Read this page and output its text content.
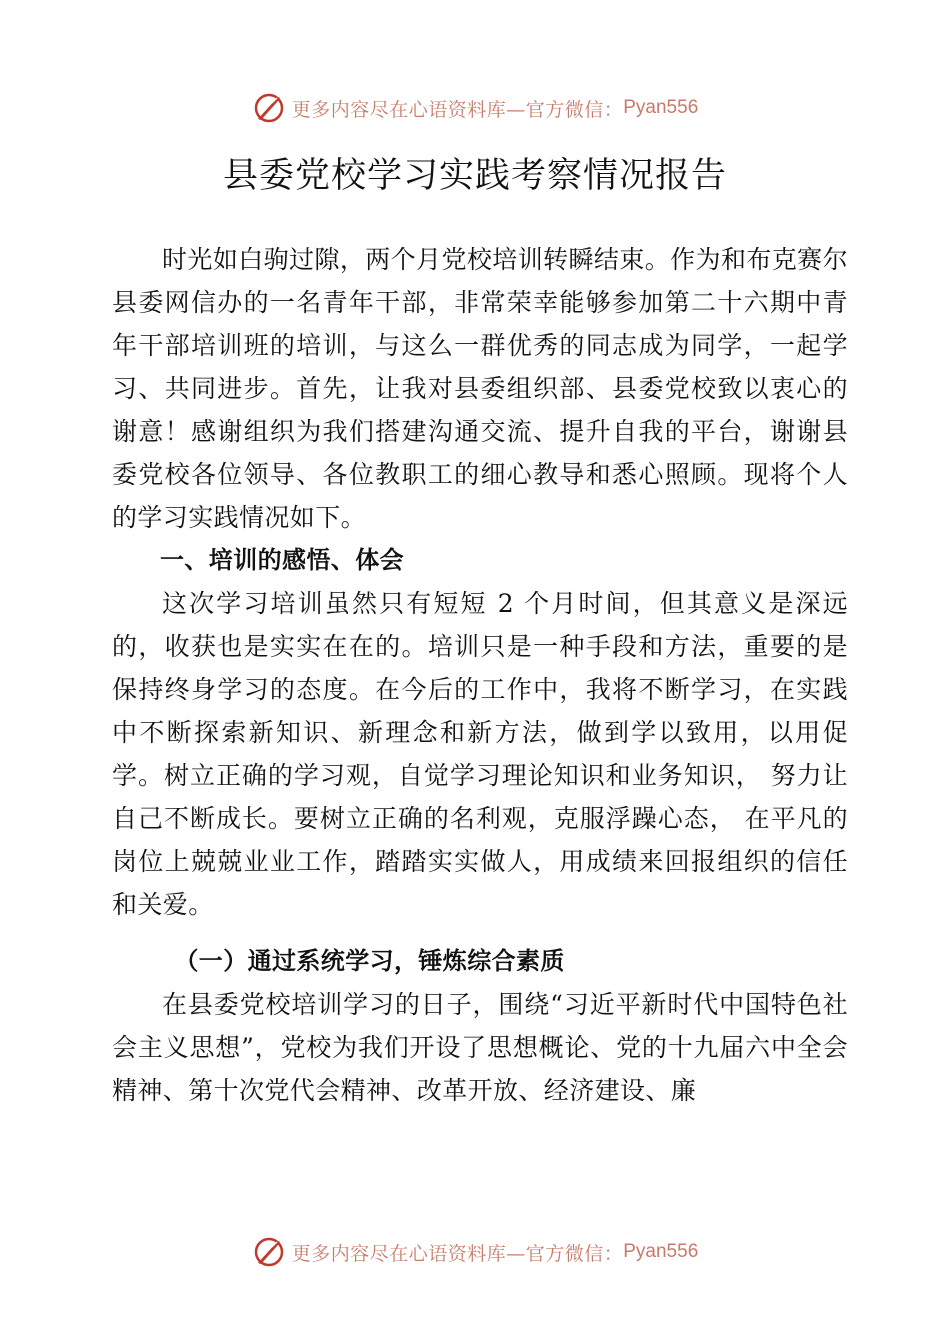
更多内容尽在心语资料库—官方微信： Pyan556
县委党校学习实践考察情况报告

时光如白驹过隙，两个月党校培训转瞬结束。作为和布克赛尔县委网信办的一名青年干部，非常荣幸能够参加第二十六期中青年干部培训班的培训，与这么一群优秀的同志成为同学，一起学习、共同进步。首先，让我对县委组织部、县委党校致以衷心的谢意！感谢组织为我们搭建沟通交流、提升自我的平台，谢谢县委党校各位领导、各位教职工的细心教导和悉心照顾。现将个人的学习实践情况如下。

一、培训的感悟、体会

这次学习培训虽然只有短短 2 个月时间，但其意义是深远的，收获也是实实在在的。培训只是一种手段和方法，重要的是保持终身学习的态度。在今后的工作中，我将不断学习，在实践中不断探索新知识、新理念和新方法，做到学以致用，以用促学。树立正确的学习观，自觉学习理论知识和业务知识， 努力让自己不断成长。要树立正确的名利观，克服浮躁心态， 在平凡的岗位上兢兢业业工作，踏踏实实做人，用成绩来回报组织的信任和关爱。

（一）通过系统学习，锤炼综合素质

在县委党校培训学习的日子，围绕“习近平新时代中国特色社会主义思想”，党校为我们开设了思想概论、党的十九届六中全会精神、第十次党代会精神、改革开放、经济建设、廉

更多内容尽在心语资料库—官方微信： Pyan556
